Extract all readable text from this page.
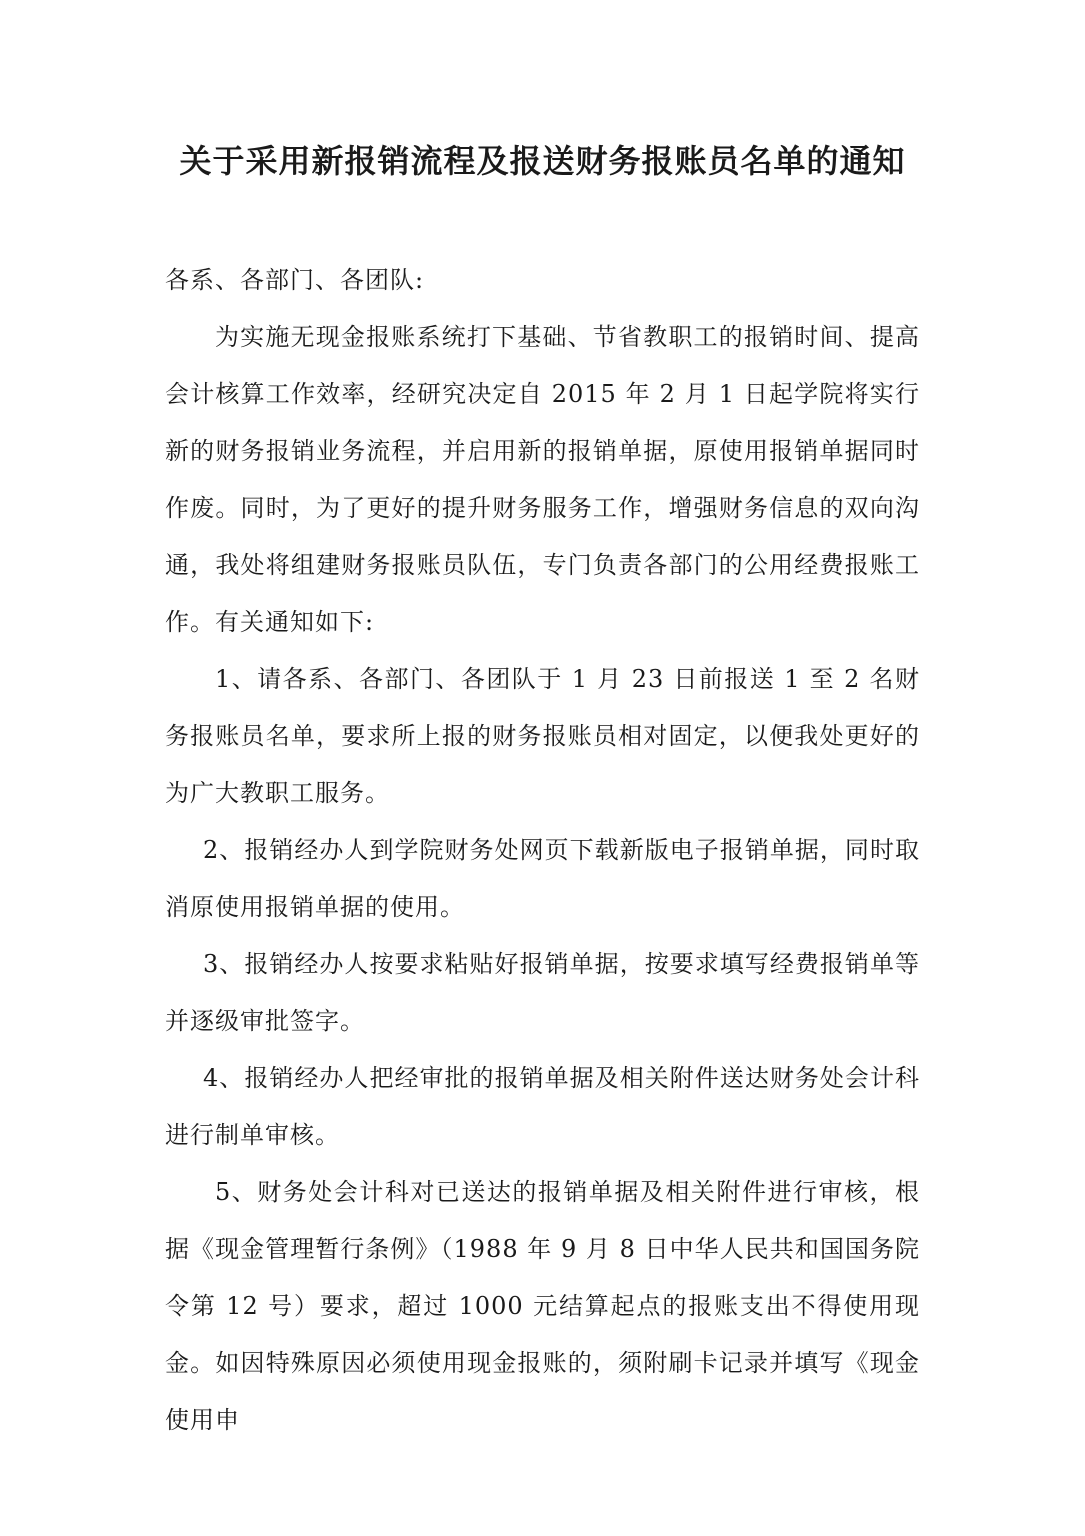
关于采用新报销流程及报送财务报账员名单的通知

各系、各部门、各团队:

为实施无现金报账系统打下基础、节省教职工的报销时间、提高会计核算工作效率，经研究决定自 2015 年 2 月 1 日起学院将实行新的财务报销业务流程，并启用新的报销单据，原使用报销单据同时作废。同时，为了更好的提升财务服务工作，增强财务信息的双向沟通，我处将组建财务报账员队伍，专门负责各部门的公用经费报账工作。有关通知如下:

1、请各系、各部门、各团队于 1 月 23 日前报送 1 至 2 名财务报账员名单，要求所上报的财务报账员相对固定，以便我处更好的为广大教职工服务。

2、报销经办人到学院财务处网页下载新版电子报销单据，同时取消原使用报销单据的使用。

3、报销经办人按要求粘贴好报销单据，按要求填写经费报销单等并逐级审批签字。

4、报销经办人把经审批的报销单据及相关附件送达财务处会计科进行制单审核。

5、财务处会计科对已送达的报销单据及相关附件进行审核，根据《现金管理暂行条例》（1988 年 9 月 8 日中华人民共和国国务院令第 12 号）要求，超过 1000 元结算起点的报账支出不得使用现金。如因特殊原因必须使用现金报账的，须附刷卡记录并填写《现金使用申
